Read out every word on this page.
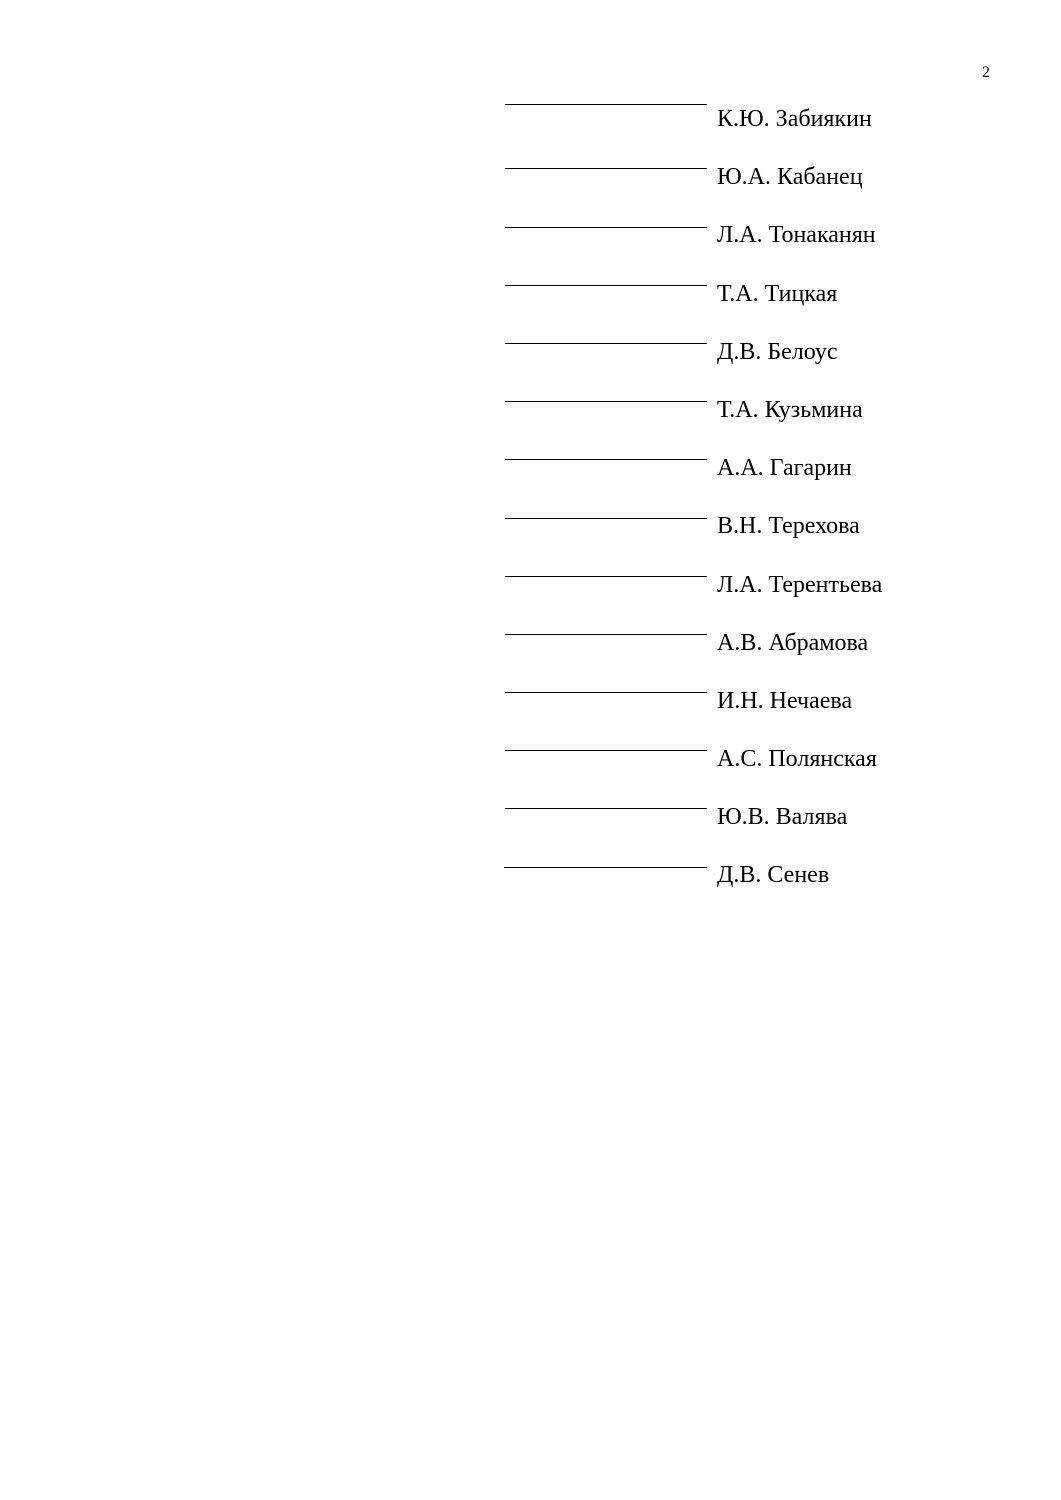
2
К.Ю. Забиякин
Ю.А. Кабанец
Л.А. Тонаканян
Т.А. Тицкая
Д.В. Белоус
Т.А. Кузьмина
А.А. Гагарин
В.Н. Терехова
Л.А. Терентьева
А.В. Абрамова
И.Н. Нечаева
А.С. Полянская
Ю.В. Валява
Д.В. Сенев
